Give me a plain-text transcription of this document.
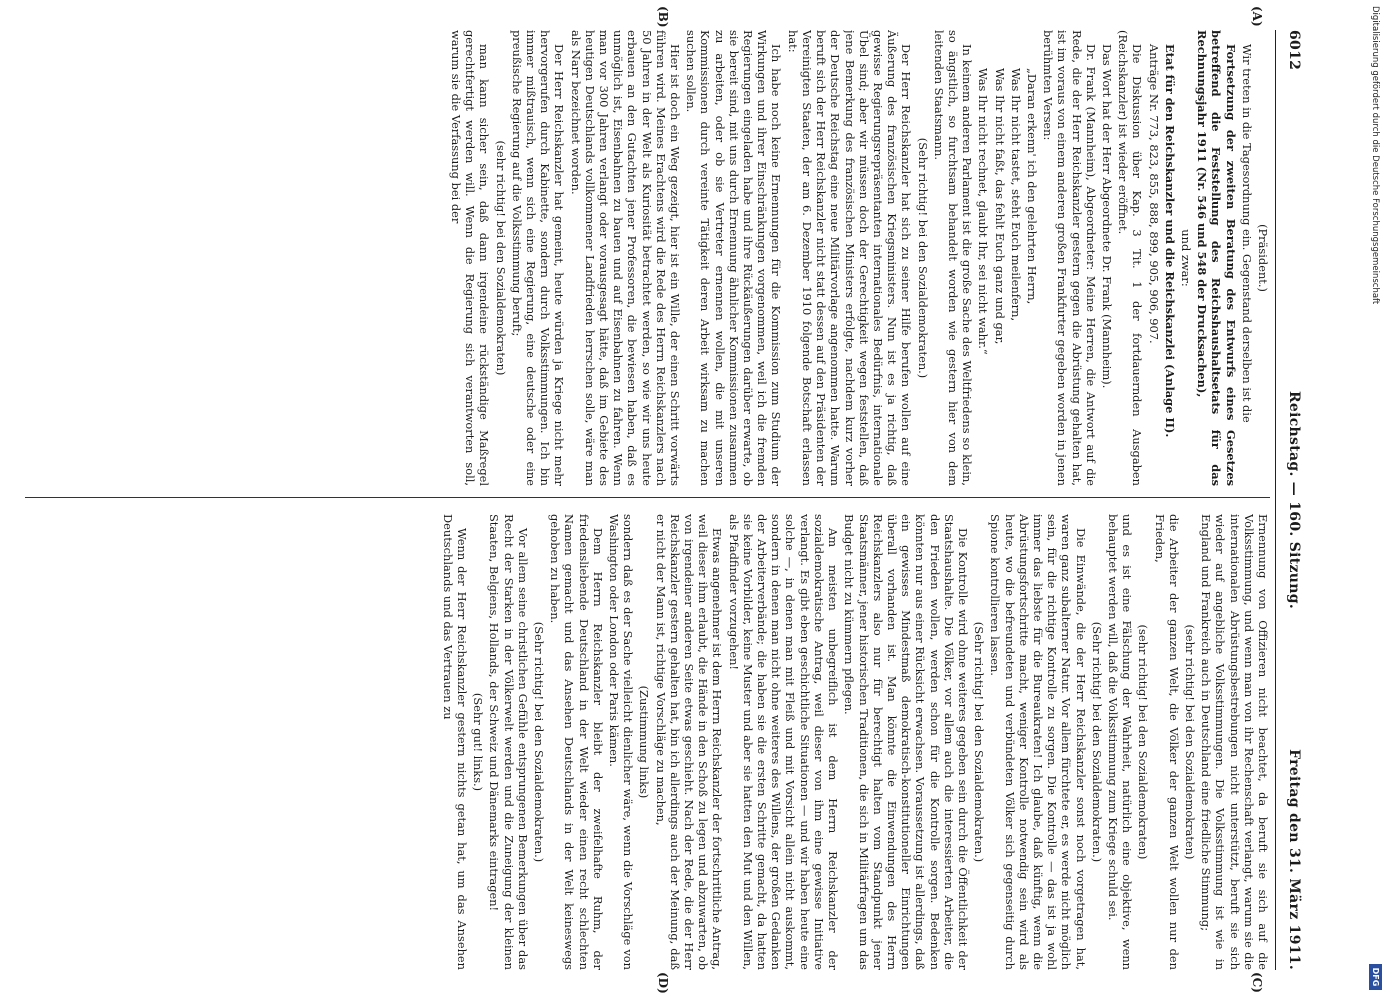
6012
Reichstag. — 160. Sitzung.
Freitag den 31. März 1911.

(Präsident.)

Wir treten in die Tagesordnung ein. Gegenstand derselben ist die

Fortsetzung der zweiten Beratung des Entwurfs eines Gesetzes betreffend die Feststellung des Reichshaushaltsetats für das Rechnungsjahr 1911 (Nr. 546 und 548 der Drucksachen),

und zwar:

Etat für den Reichskanzler und die Reichskanzlei (Anlage II).

Anträge Nr. 773, 823, 855, 888, 899, 905, 906, 907.

Die Diskussion über Kap. 3 Tit. 1 der fortdauernden Ausgaben (Reichskanzler) ist wieder eröffnet.

Das Wort hat der Herr Abgeordnete Dr. Frank (Mannheim).

Dr. Frank (Mannheim), Abgeordneter: Meine Herren, die Antwort auf die Rede, die der Herr Reichskanzler gestern gegen die Abrüstung gehalten hat, ist im voraus von einem anderen großen Frankfurter gegeben worden in jenen berühmten Versen:

„Daran erkenn' ich den gelehrten Herrn,

Was Ihr nicht tastet, steht Euch meilenfern,

Was Ihr nicht faßt, das fehlt Euch ganz und gar,

Was Ihr nicht rechnet, glaubt Ihr, sei nicht wahr.“

In keinem anderen Parlament ist die große Sache des Weltfriedens so klein, so ängstlich, so furchtsam behandelt worden wie gestern hier von dem leitenden Staatsmann.

(Sehr richtig! bei den Sozialdemokraten.)

Der Herr Reichskanzler hat sich zu seiner Hilfe berufen wollen auf eine Äußerung des französischen Kriegsministers. Nun ist es ja richtig, daß gewisse Regierungsrepräsentanten internationales Bedürfnis, internationale Übel sind; aber wir müssen doch der Gerechtigkeit wegen feststellen, daß jene Bemerkung des französischen Ministers erfolgte, nachdem kurz vorher der Deutsche Reichstag eine neue Militärvorlage angenommen hatte. Warum beruft sich der Herr Reichskanzler nicht statt dessen auf den Präsidenten der Vereinigten Staaten, der am 6. Dezember 1910 folgende Botschaft erlassen hat:

Ich habe noch keine Ernennungen für die Kommission zum Studium der Wirkungen und ihrer Einschränkungen vorgenommen, weil ich die fremden Regierungen eingeladen habe und ihre Rückäußerungen darüber erwarte, ob sie bereit sind, mit uns durch Ernennung ähnlicher Kommissionen zusammen zu arbeiten, oder ob sie Vertreter ernennen wollen, die mit unseren Kommissionen durch vereinte Tätigkeit deren Arbeit wirksam zu machen suchen sollen.

Hier ist doch ein Weg gezeigt, hier ist ein Wille, der einen Schritt vorwärts führen wird. Meines Erachtens wird die Rede des Herrn Reichskanzlers nach 50 Jahren in der Welt als Kuriosität betrachtet werden, so wie wir uns heute erbauen an den Gutachten jener Professoren, die bewiesen haben, daß es unmöglich ist, Eisenbahnen zu bauen und auf Eisenbahnen zu fahren. Wenn man vor 300 Jahren verlangt oder vorausgesagt hätte, daß im Gebiete des heutigen Deutschlands vollkommener Landfrieden herrschen solle, wäre man als Narr bezeichnet worden.

Der Herr Reichskanzler hat gemeint, heute würden ja Kriege nicht mehr hervorgerufen durch Kabinette, sondern durch Volksstimmungen. Ich bin immer mißtrauisch, wenn sich eine Regierung, eine deutsche oder eine preußische Regierung auf die Volksstimmung beruft;

(sehr richtig! bei den Sozialdemokraten)

man kann sicher sein, daß dann irgendeine rückständige Maßregel gerechtfertigt werden will. Wenn die Regierung sich verantworten soll, warum sie die Verfassung bei der

Ernennung von Offizieren nicht beachtet, da beruft sie sich auf die Volksstimmung, und wenn man von ihr Rechenschaft verlangt, warum sie die internationalen Abrüstungsbestrebungen nicht unterstützt, beruft sie sich wieder auf angebliche Volksstimmungen. Die Volksstimmung ist wie in England und Frankreich auch in Deutschland eine friedliche Stimmung;

(sehr richtig! bei den Sozialdemokraten)

die Arbeiter der ganzen Welt, die Völker der ganzen Welt wollen nur den Frieden,

(sehr richtig! bei den Sozialdemokraten)

und es ist eine Fälschung der Wahrheit, natürlich eine objektive, wenn behauptet werden will, daß die Volksstimmung zum Kriege schuld sei.

(Sehr richtig! bei den Sozialdemokraten.)

Die Einwände, die der Herr Reichskanzler sonst noch vorgetragen hat, waren ganz subalterner Natur. Vor allem fürchtete er, es werde nicht möglich sein, für die richtige Kontrolle zu sorgen. Die Kontrolle — das ist ja wohl immer das liebste für die Bureaukraten! Ich glaube, daß künftig, wenn die Abrüstungsfortschritte macht, weniger Kontrolle notwendig sein wird als heute, wo die befreundeten und verbündeten Völker sich gegenseitig durch Spione kontrollieren lassen.

(Sehr richtig! bei den Sozialdemokraten.)

Die Kontrolle wird ohne weiteres gegeben sein durch die Öffentlichkeit der Staatshaushalte. Die Völker, vor allem auch die interessierten Arbeiter, die den Frieden wollen, werden schon für die Kontrolle sorgen. Bedenken könnten nur aus einer Rücksicht erwachsen. Voraussetzung ist allerdings, daß ein gewisses Mindestmaß demokratisch-konstitutioneller Einrichtungen überall vorhanden ist. Man könnte die Einwendungen des Herrn Reichskanzlers also nur für berechtigt halten vom Standpunkt jener Staatsmänner, jener historischen Traditionen, die sich in Militärfragen um das Budget nicht zu kümmern pflegen.

Am meisten unbegreiflich ist dem Herrn Reichskanzler der sozialdemokratische Antrag, weil dieser von ihm eine gewisse Initiative verlangt. Es gibt eben geschichtliche Situationen — und wir haben heute eine solche —, in denen man mit Fleiß und mit Vorsicht allein nicht auskommt, sondern in denen man nicht ohne weiteres des Willens, der großen Gedanken der Arbeiterverbände; die haben sie die ersten Schritte gemacht, da hatten sie keine Vorbilder, keine Muster und aber sie hatten den Mut und den Willen, als Pfadfinder vorzugehen!

Etwas angenehmer ist dem Herrn Reichskanzler der fortschrittliche Antrag, weil dieser ihm erlaubt, die Hände in den Schoß zu legen und abzuwarten, ob von irgendeiner anderen Seite etwas geschieht. Nach der Rede, die der Herr Reichskanzler gestern gehalten hat, bin ich allerdings auch der Meinung, daß er nicht der Mann ist, richtige Vorschläge zu machen,

(Zustimmung links)

sondern daß es der Sache vielleicht dienlicher wäre, wenn die Vorschläge von Washington oder London oder Paris kämen.

Dem Herrn Reichskanzler bleibt der zweifelhafte Ruhm, der friedensliebende Deutschland in der Welt wieder einen recht schlechten Namen gemacht und das Ansehen Deutschlands in der Welt keineswegs gehoben zu haben.

(Sehr richtig! bei den Sozialdemokraten.)

Vor allem seine christlichen Gefühle entsprungenen Bemerkungen über das Recht der Starken in der Völkerwelt werden und die Zuneigung der kleinen Staaten, Belgiens, Hollands, der Schweiz und Dänemarks eintragen!

(Sehr gut! links.)

Wenn der Herr Reichskanzler gestern nichts getan hat, um das Ansehen Deutschlands und das Vertrauen zu

(A)
(B)
(C)
(D)
Digitalisierung gefördert durch die Deutsche Forschungsgemeinschaft
DFG
